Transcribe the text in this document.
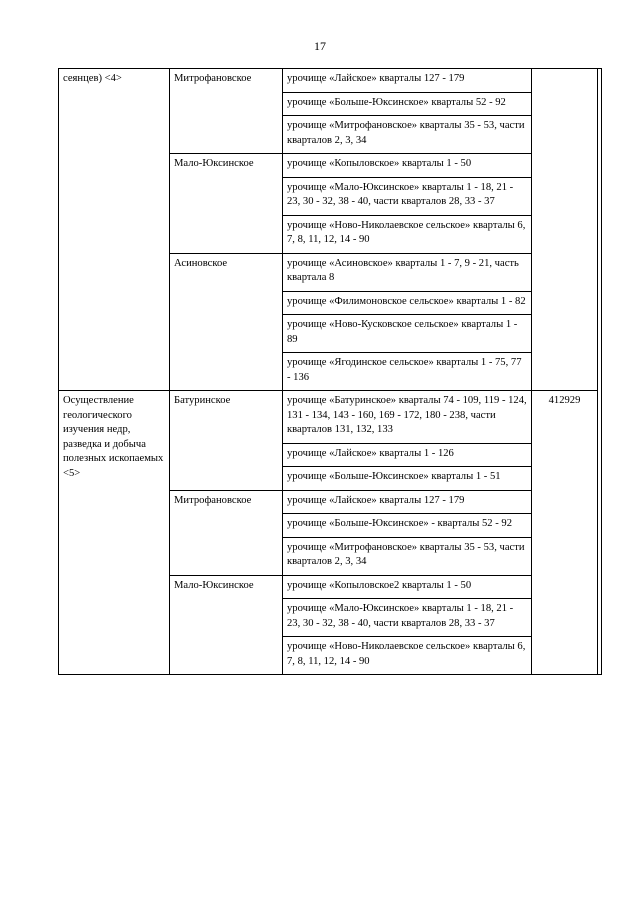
17
сеянцев) <4>	Митрофановское	урочище «Лайское» кварталы 127 - 179		
		урочище «Больше-Юксинское» кварталы 52 - 92		
		урочище «Митрофановское» кварталы 35 - 53, части кварталов 2, 3, 34		
	Мало-Юксинское	урочище «Копыловское» кварталы 1 - 50		
		урочище «Мало-Юксинское» кварталы 1 - 18, 21 - 23, 30 - 32, 38 - 40, части кварталов 28, 33 - 37		
		урочище «Ново-Николаевское сельское» кварталы 6, 7, 8, 11, 12, 14 - 90		
	Асиновское	урочище «Асиновское» кварталы 1 - 7, 9 - 21, часть квартала 8		
		урочище «Филимоновское сельское» кварталы 1 - 82		
		урочище «Ново-Кусковское сельское» кварталы 1 - 89		
		урочище «Ягодинское сельское» кварталы 1 - 75, 77 - 136		
Осуществление геологического изучения недр, разведка и добыча полезных ископаемых <5>	Батуринское	урочище «Батуринское» кварталы 74 - 109, 119 - 124, 131 - 134, 143 - 160, 169 - 172, 180 - 238, части кварталов 131, 132, 133	412929	
		урочище «Лайское» кварталы 1 - 126		
		урочище «Больше-Юксинское» кварталы 1 - 51		
	Митрофановское	урочище «Лайское» кварталы 127 - 179		
		урочище «Больше-Юксинское» - кварталы 52 - 92		
		урочище «Митрофановское» кварталы 35 - 53, части кварталов 2, 3, 34		
	Мало-Юксинское	урочище «Копыловское2 кварталы 1 - 50		
		урочище «Мало-Юксинское» кварталы 1 - 18, 21 - 23, 30 - 32, 38 - 40, части кварталов 28, 33 - 37		
		урочище «Ново-Николаевское сельское» кварталы 6, 7, 8, 11, 12, 14 - 90		
